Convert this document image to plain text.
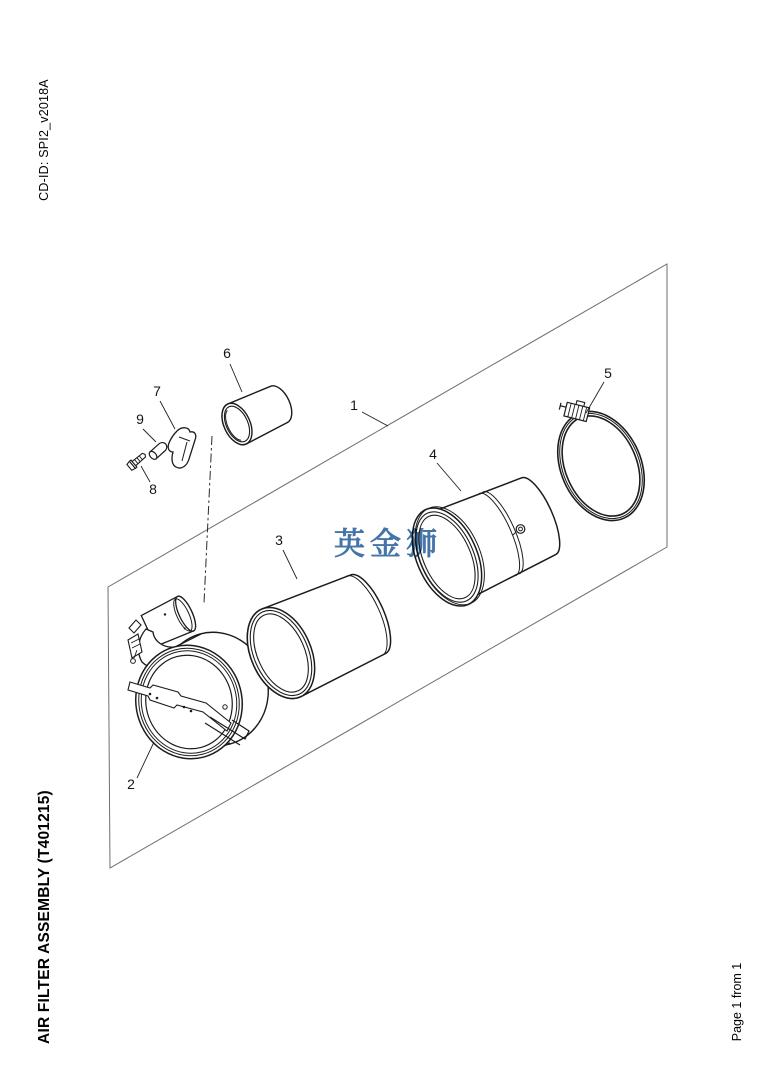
CD-ID: SPI2_v2018A
AIR FILTER ASSEMBLY (T401215)	Page 1 from 1
1
2
3
4
5
6
7
8
9
英金狮
